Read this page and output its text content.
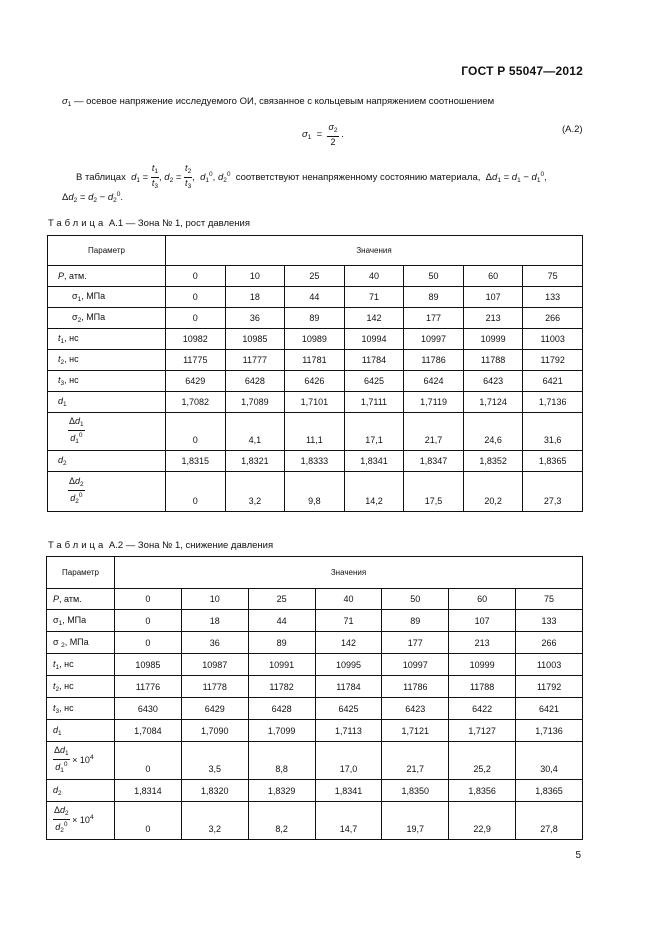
ГОСТ Р 55047—2012
$\sigma_1$ — осевое напряжение исследуемого ОИ, связанное с кольцевым напряжением соотношением
$\sigma_1 = \frac{\sigma_2}{2}$ .	(А.2)
В таблицах $d_1 = \frac{t_1}{t_3}$ , $d_2 = \frac{t_2}{t_3}$ ,  $d_1^0$, $d_2^0$ соответствуют ненапряженному состоянию материала,  $\Delta d_1 = d_1 - d_1^0$,
$\Delta d_2 = d_2 - d_2^0$.
Таблица А.1 — Зона № 1, рост давления
Параметр	Значения						
P, атм.	0	10	25	40	50	60	75
$\sigma_1$, МПа	0	18	44	71	89	107	133
$\sigma_2$, МПа	0	36	89	142	177	213	266
$t_1$, нс	10982	10985	10989	10994	10997	10999	11003
$t_2$, нс	11775	11777	11781	11784	11786	11788	11792
$t_3$, нс	6429	6428	6426	6425	6424	6423	6421
$d_1$	1,7082	1,7089	1,7101	1,7111	1,7119	1,7124	1,7136

$\frac{\Delta d_1}{d_1^0}$	0	4,1	11,1	17,1	21,7	24,6	31,6
$d_2$	1,8315	1,8321	1,8333	1,8341	1,8347	1,8352	1,8365

$\frac{\Delta d_2}{d_2^0}$	0	3,2	9,8	14,2	17,5	20,2	27,3
Таблица А.2 — Зона № 1, снижение давления
Параметр	Значения						
P, атм.	0	10	25	40	50	60	75
$\sigma_1$, МПа	0	18	44	71	89	107	133
σ $_2$, МПа	0	36	89	142	177	213	266
$t_1$, нс	10985	10987	10991	10995	10997	10999	11003
$t_2$, нс	11776	11778	11782	11784	11786	11788	11792
$t_3$, нс	6430	6429	6428	6425	6423	6422	6421
$d_1$	1,7084	1,7090	1,7099	1,7113	1,7121	1,7127	1,7136

$\frac{\Delta d_1}{d_1^0} \times 10^4$	0	3,5	8,8	17,0	21,7	25,2	30,4
$d_2$	1,8314	1,8320	1,8329	1,8341	1,8350	1,8356	1,8365

$\frac{\Delta d_2}{d_2^0} \times 10^4$	0	3,2	8,2	14,7	19,7	22,9	27,8
5
